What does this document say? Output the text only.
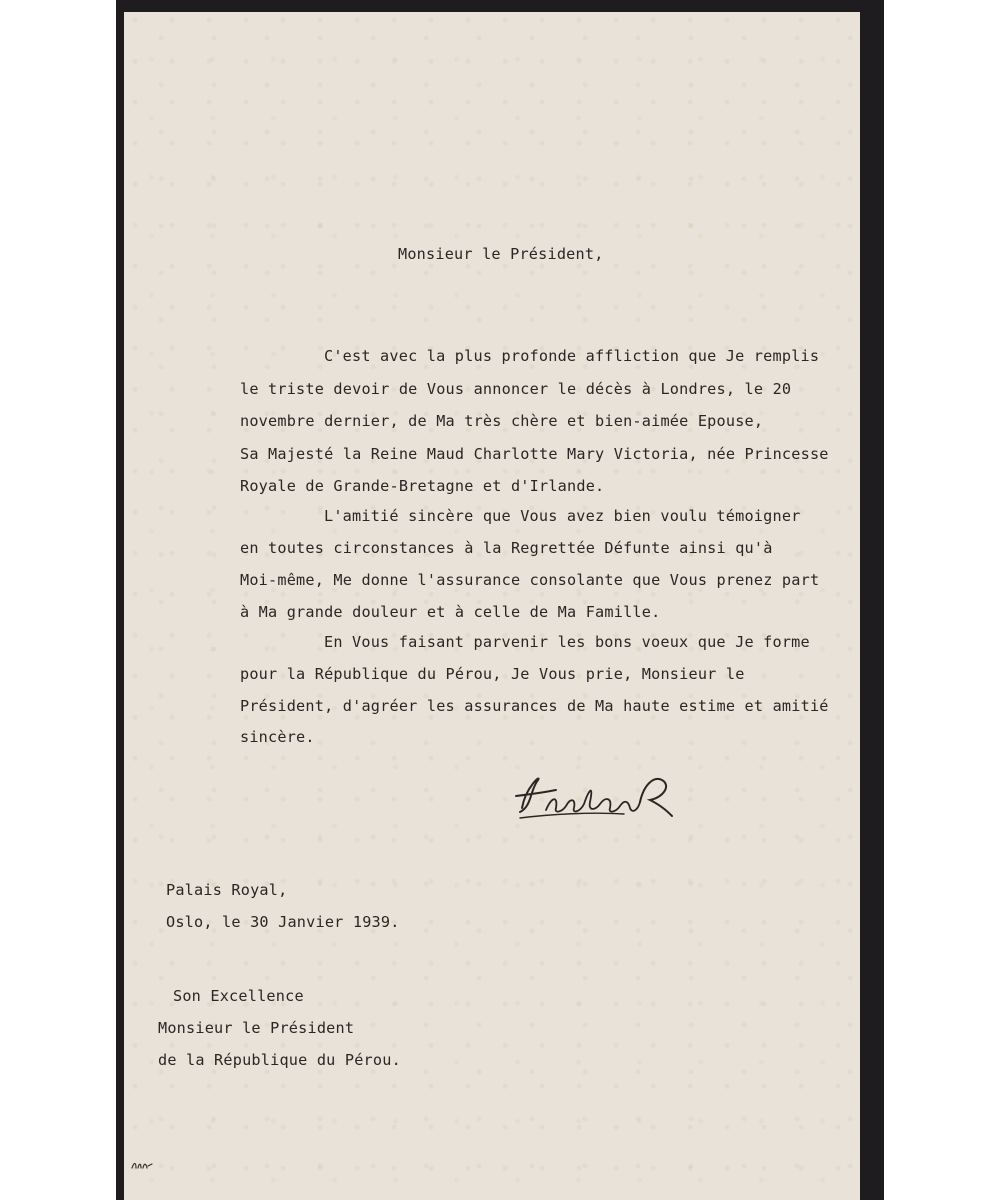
Monsieur le Président,
C'est avec la plus profonde affliction que Je remplis
le triste devoir de Vous annoncer le décès à Londres, le 20
novembre dernier, de Ma très chère et bien-aimée Epouse,
Sa Majesté la Reine Maud Charlotte Mary Victoria, née Princesse
Royale de Grande-Bretagne et d'Irlande.
L'amitié sincère que Vous avez bien voulu témoigner
en toutes circonstances à la Regrettée Défunte ainsi qu'à
Moi-même, Me donne l'assurance consolante que Vous prenez part
à Ma grande douleur et à celle de Ma Famille.
En Vous faisant parvenir les bons voeux que Je forme
pour la République du Pérou, Je Vous prie, Monsieur le
Président, d'agréer les assurances de Ma haute estime et amitié
sincère.
Palais Royal,
Oslo, le 30 Janvier 1939.
Son Excellence
Monsieur le Président
de la République du Pérou.
